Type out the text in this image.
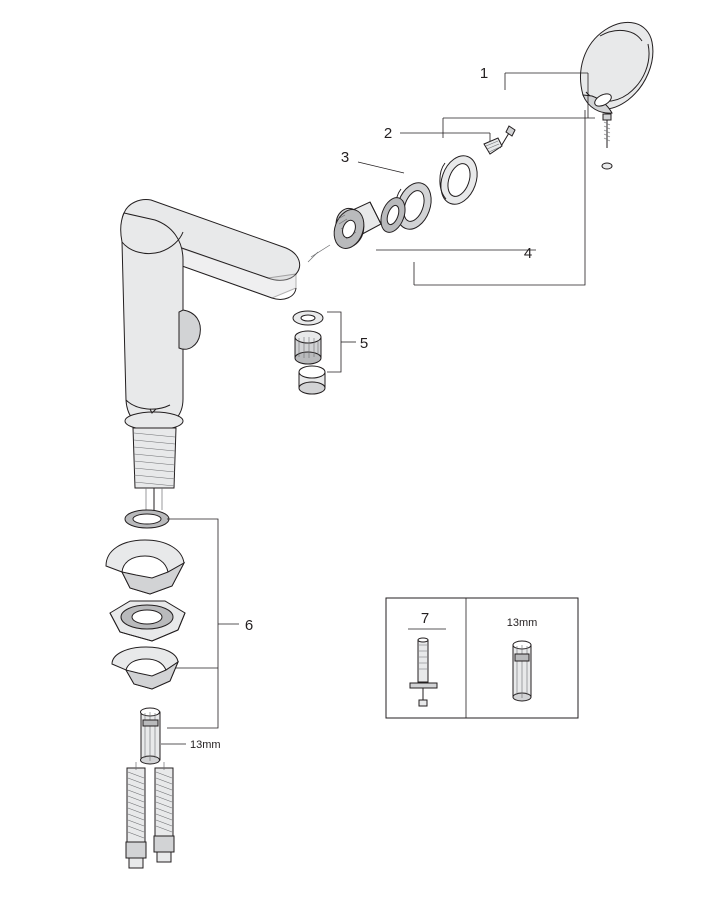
1
2
3
4
5
6	7
13mm
13mm
